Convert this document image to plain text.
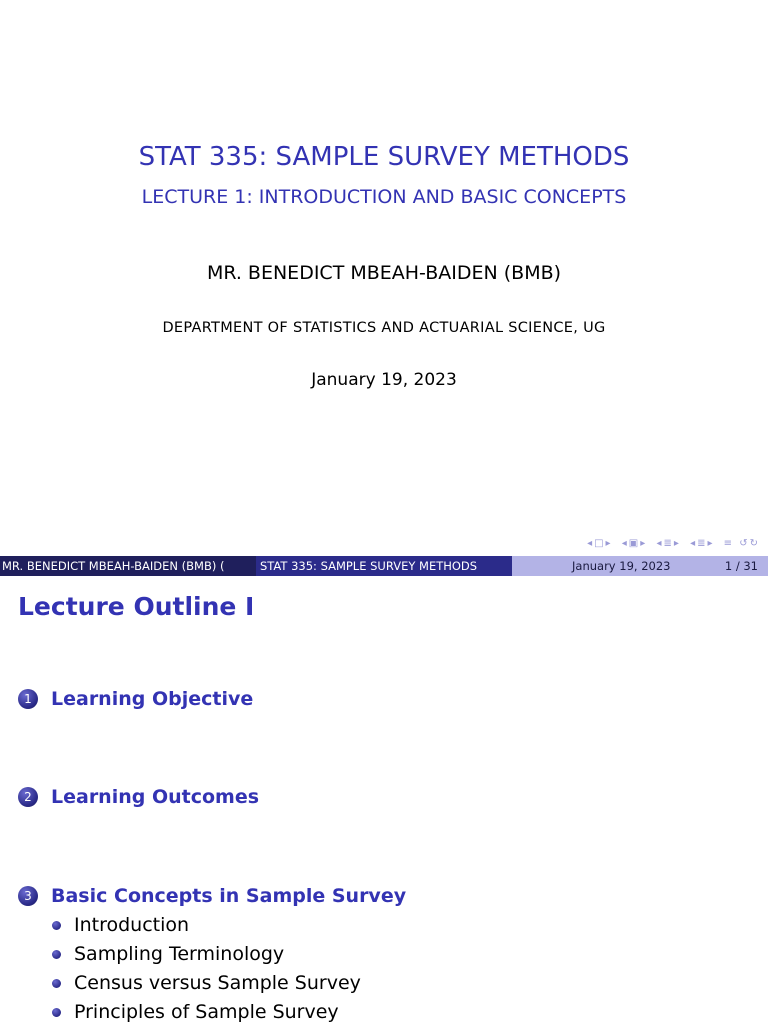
STAT 335: SAMPLE SURVEY METHODS
LECTURE 1: INTRODUCTION AND BASIC CONCEPTS
MR. BENEDICT MBEAH-BAIDEN (BMB)
DEPARTMENT OF STATISTICS AND ACTUARIAL SCIENCE, UG
January 19, 2023
◂□▸ ◂▣▸ ◂≣▸ ◂≣▸ ≡ ↺↻
MR. BENEDICT MBEAH-BAIDEN (BMB) (	STAT 335: SAMPLE SURVEY METHODS	January 19, 2023	1 / 31
Lecture Outline I
1	Learning Objective
2	Learning Outcomes
3	Basic Concepts in Sample Survey
Introduction
Sampling Terminology
Census versus Sample Survey
Principles of Sample Survey
